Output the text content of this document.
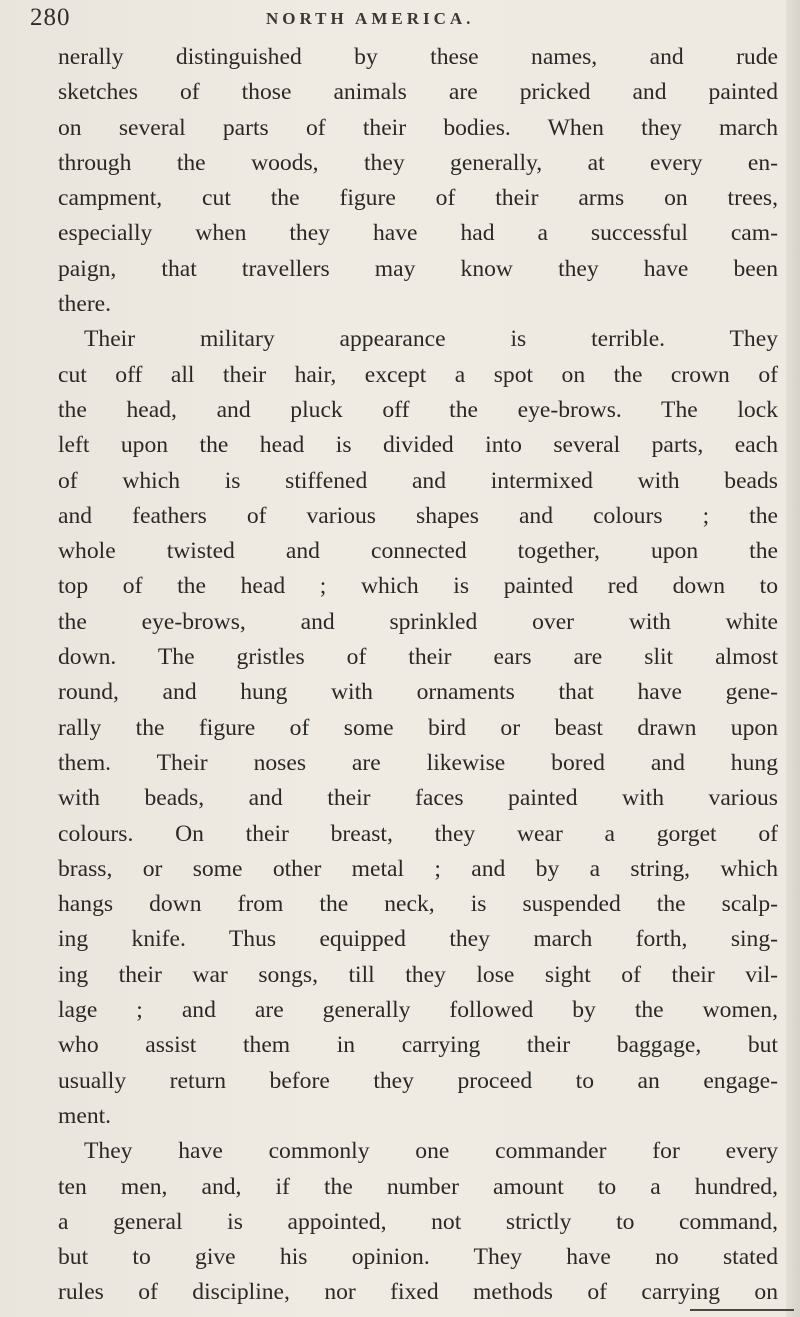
280	NORTH AMERICA.
nerally distinguished by these names, and rude
sketches of those animals are pricked and painted
on several parts of their bodies. When they march
through the woods, they generally, at every en-
campment, cut the figure of their arms on trees,
especially when they have had a successful cam-
paign, that travellers may know they have been
there.
Their military appearance is terrible. They
cut off all their hair, except a spot on the crown of
the head, and pluck off the eye-brows. The lock
left upon the head is divided into several parts, each
of which is stiffened and intermixed with beads
and feathers of various shapes and colours ; the
whole twisted and connected together, upon the
top of the head ; which is painted red down to
the eye-brows, and sprinkled over with white
down. The gristles of their ears are slit almost
round, and hung with ornaments that have gene-
rally the figure of some bird or beast drawn upon
them. Their noses are likewise bored and hung
with beads, and their faces painted with various
colours. On their breast, they wear a gorget of
brass, or some other metal ; and by a string, which
hangs down from the neck, is suspended the scalp-
ing knife. Thus equipped they march forth, sing-
ing their war songs, till they lose sight of their vil-
lage ; and are generally followed by the women,
who assist them in carrying their baggage, but
usually return before they proceed to an engage-
ment.
They have commonly one commander for every
ten men, and, if the number amount to a hundred,
a general is appointed, not strictly to command,
but to give his opinion. They have no stated
rules of discipline, nor fixed methods of carrying on
